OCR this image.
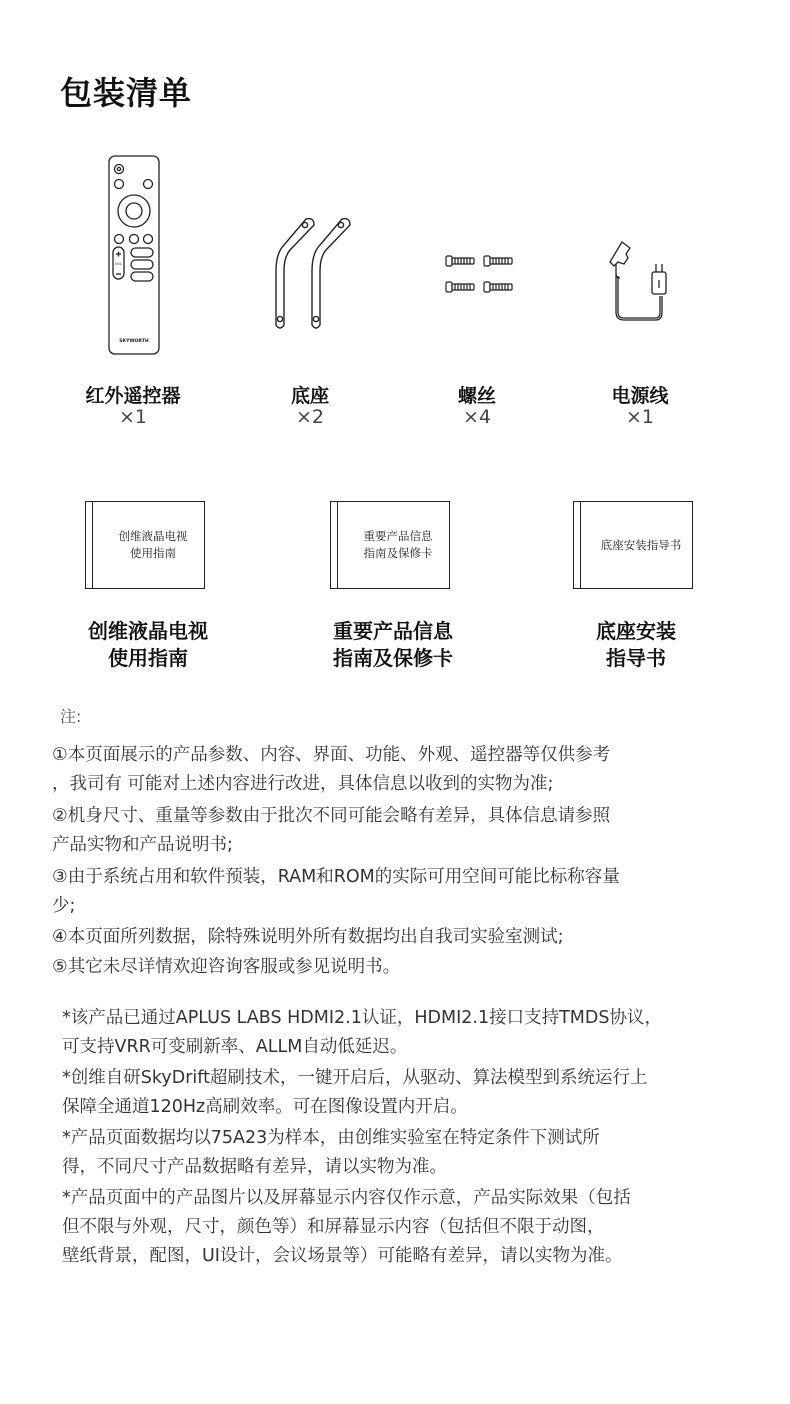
包装清单
SKYWORTH
VOL
红外遥控器
×1
底座
×2
螺丝
×4
电源线
×1
创维液晶电视
使用指南
重要产品信息
指南及保修卡
底座安装指导书
创维液晶电视
使用指南
重要产品信息
指南及保修卡
底座安装
指导书
注:
①本页面展示的产品参数、内容、界面、功能、外观、遥控器等仅供参考
，我司有 可能对上述内容进行改进，具体信息以收到的实物为准;
②机身尺寸、重量等参数由于批次不同可能会略有差异，具体信息请参照
产品实物和产品说明书;
③由于系统占用和软件预装，RAM和ROM的实际可用空间可能比标称容量
少;
④本页面所列数据，除特殊说明外所有数据均出自我司实验室测试;
⑤其它未尽详情欢迎咨询客服或参见说明书。
*该产品已通过APLUS LABS HDMI2.1认证，HDMI2.1接口支持TMDS协议，
可支持VRR可变刷新率、ALLM自动低延迟。
*创维自研SkyDrift超刷技术，一键开启后，从驱动、算法模型到系统运行上
保障全通道120Hz高刷效率。可在图像设置内开启。
*产品页面数据均以75A23为样本，由创维实验室在特定条件下测试所
得，不同尺寸产品数据略有差异，请以实物为准。
*产品页面中的产品图片以及屏幕显示内容仅作示意，产品实际效果（包括
但不限与外观，尺寸，颜色等）和屏幕显示内容（包括但不限于动图，
壁纸背景，配图，UI设计，会议场景等）可能略有差异，请以实物为准。
